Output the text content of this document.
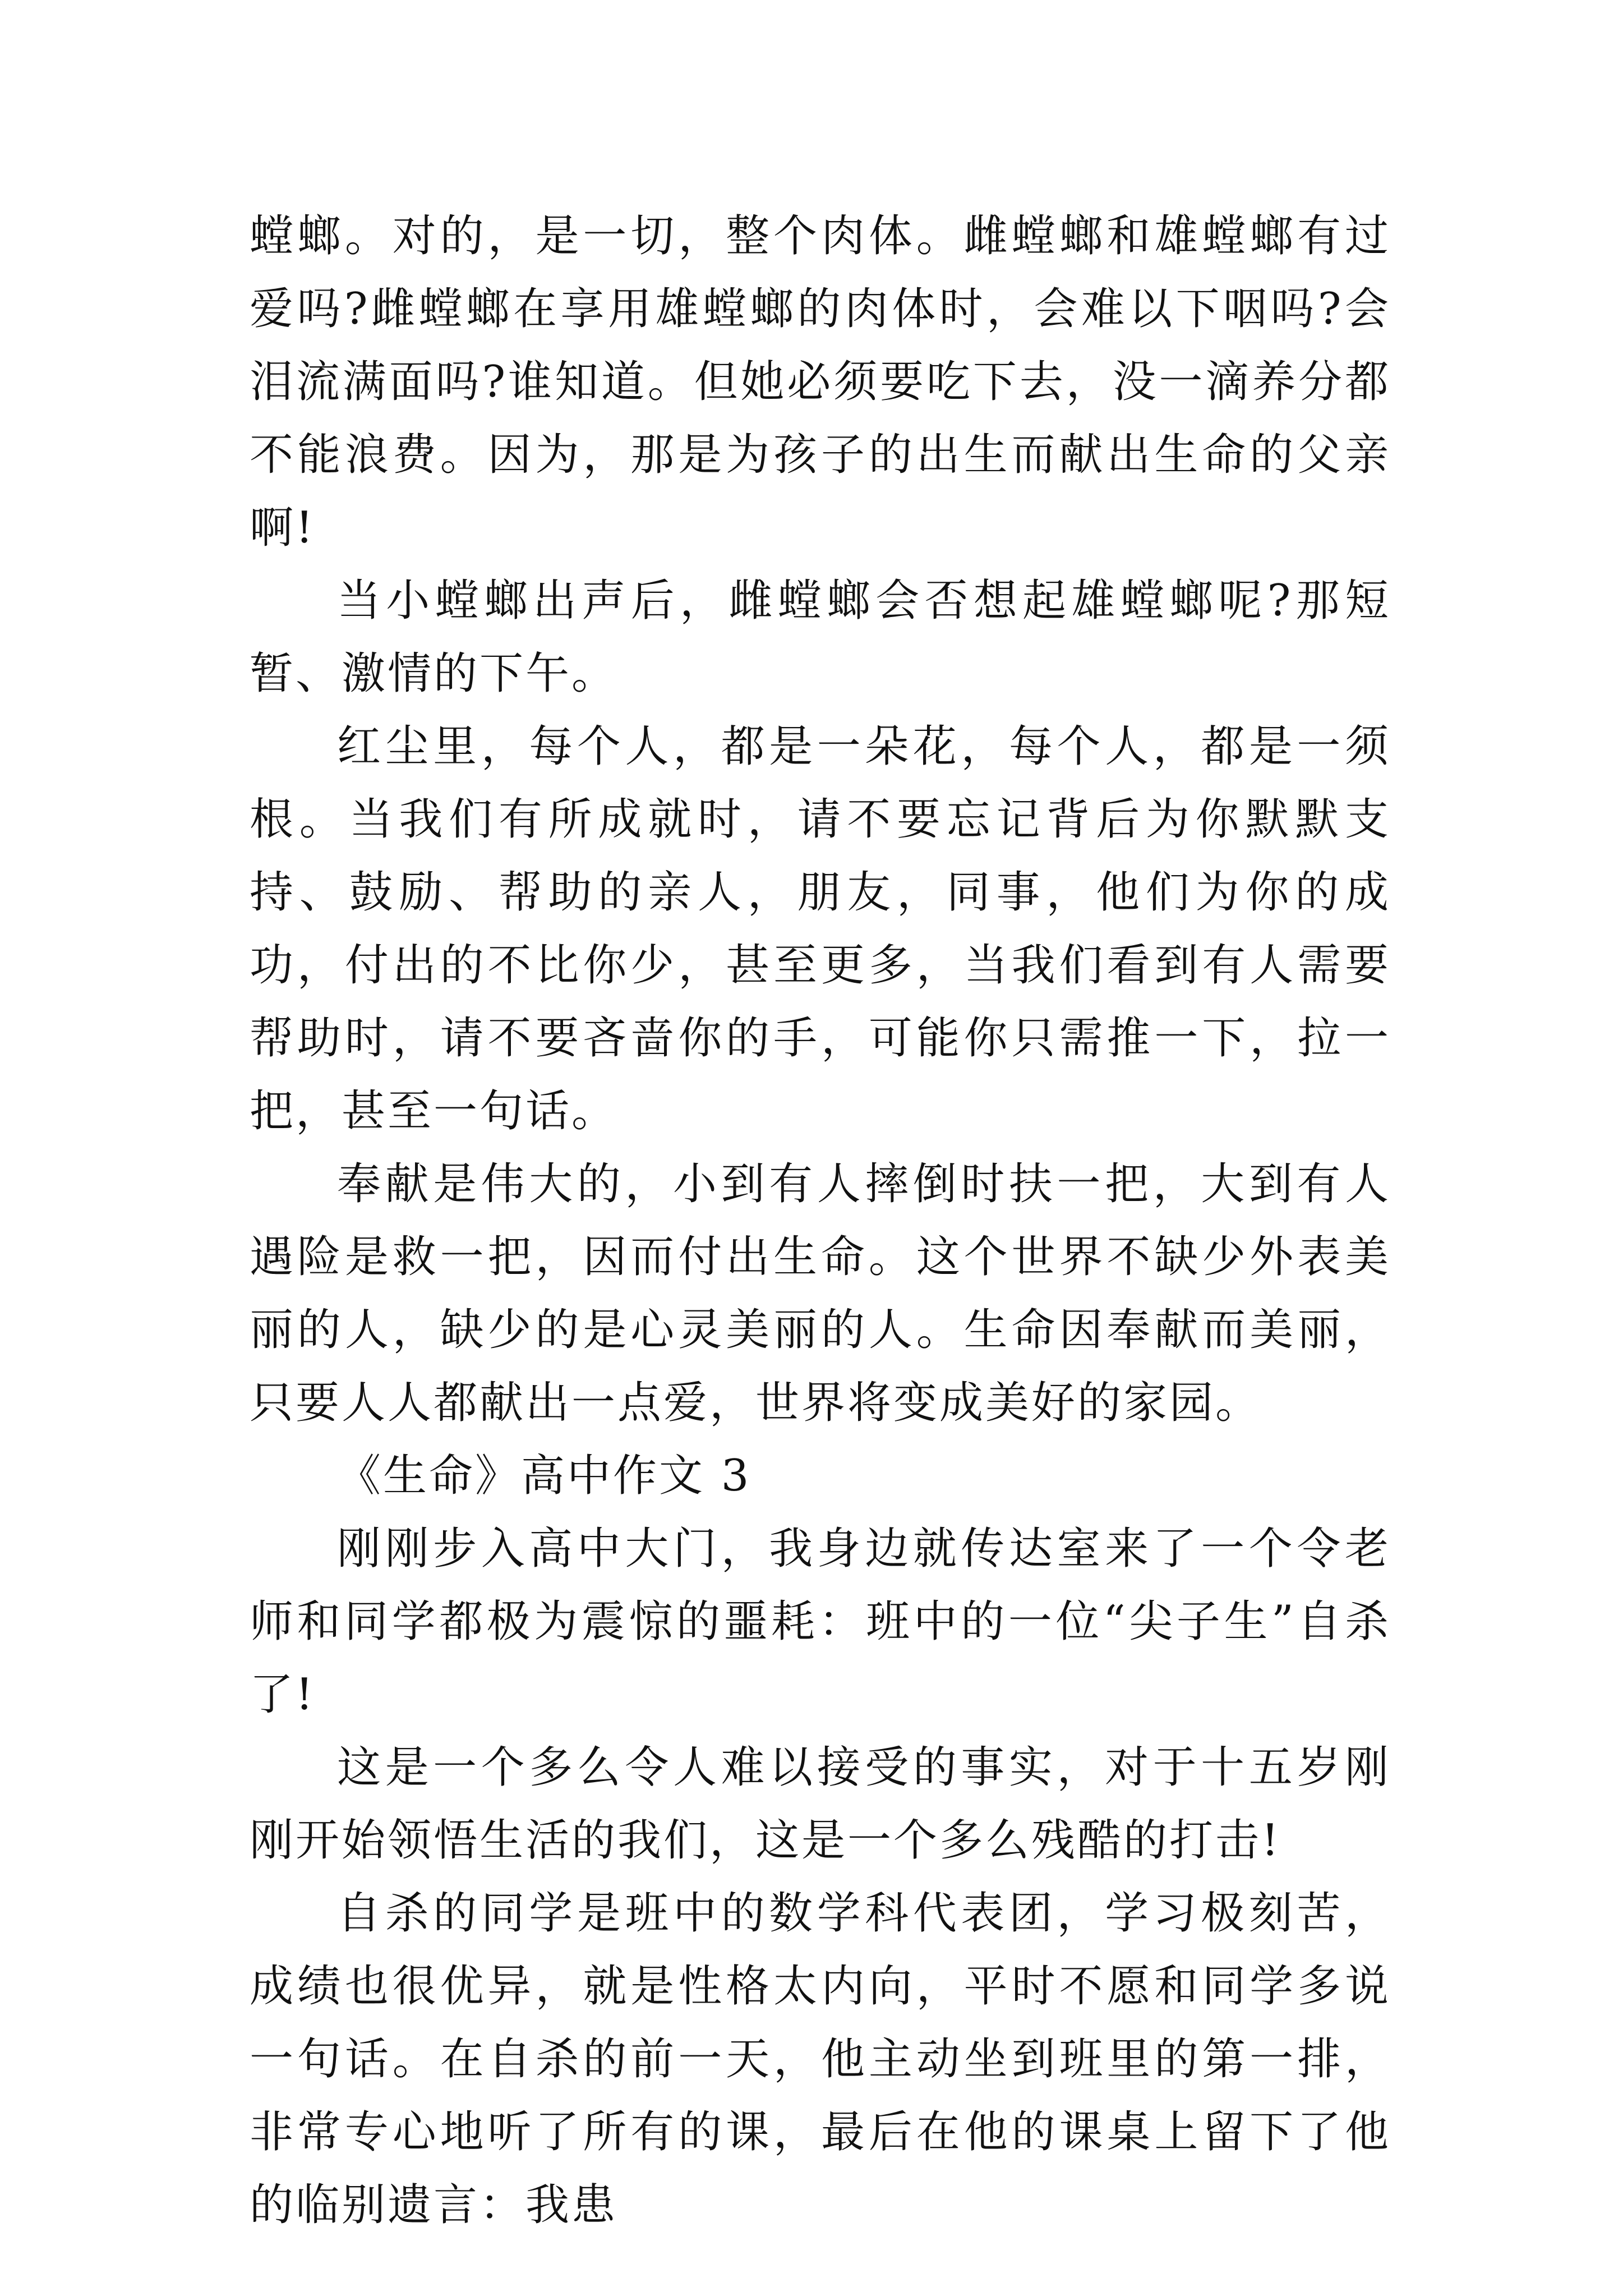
螳螂。对的，是一切，整个肉体。雌螳螂和雄螳螂有过爱吗?雌螳螂在享用雄螳螂的肉体时，会难以下咽吗?会泪流满面吗?谁知道。但她必须要吃下去，没一滴养分都不能浪费。因为，那是为孩子的出生而献出生命的父亲啊!

当小螳螂出声后，雌螳螂会否想起雄螳螂呢?那短暂、激情的下午。

红尘里，每个人，都是一朵花，每个人，都是一须根。当我们有所成就时，请不要忘记背后为你默默支持、鼓励、帮助的亲人，朋友，同事，他们为你的成功，付出的不比你少，甚至更多，当我们看到有人需要帮助时，请不要吝啬你的手，可能你只需推一下，拉一把，甚至一句话。

奉献是伟大的，小到有人摔倒时扶一把，大到有人遇险是救一把，因而付出生命。这个世界不缺少外表美丽的人，缺少的是心灵美丽的人。生命因奉献而美丽，只要人人都献出一点爱，世界将变成美好的家园。

《生命》高中作文 3

刚刚步入高中大门，我身边就传达室来了一个令老师和同学都极为震惊的噩耗：班中的一位“尖子生”自杀了!

这是一个多么令人难以接受的事实，对于十五岁刚刚开始领悟生活的我们，这是一个多么残酷的打击!

自杀的同学是班中的数学科代表团，学习极刻苦，成绩也很优异，就是性格太内向，平时不愿和同学多说一句话。在自杀的前一天，他主动坐到班里的第一排，非常专心地听了所有的课，最后在他的课桌上留下了他的临别遗言：我患
